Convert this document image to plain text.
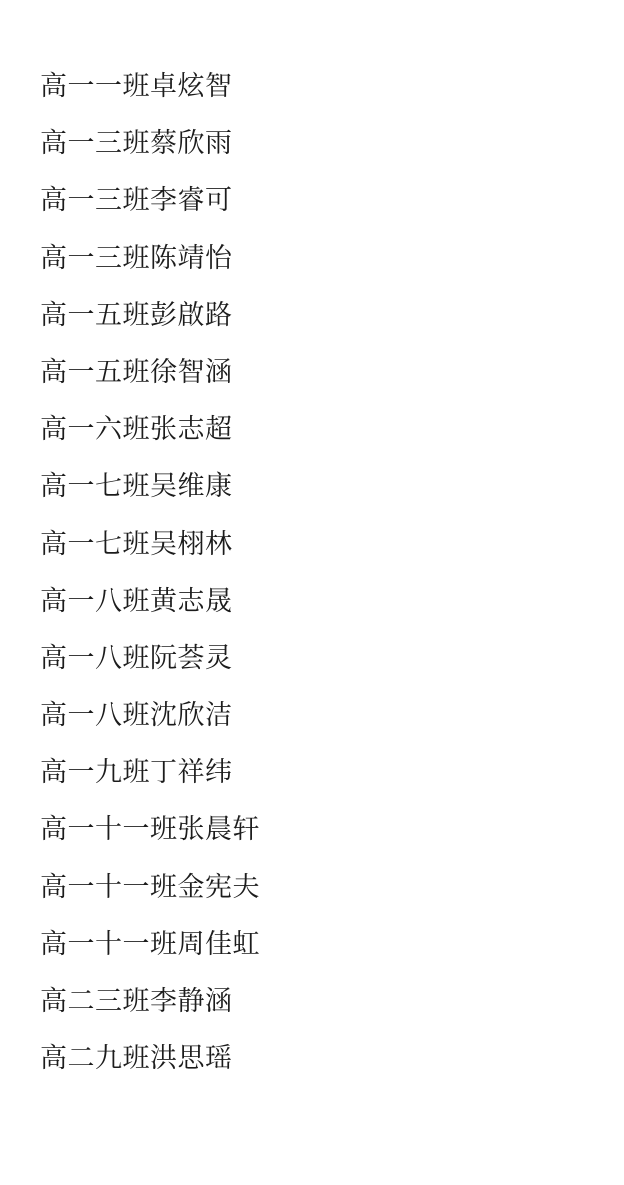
高一一班卓炫智
高一三班蔡欣雨
高一三班李睿可
高一三班陈靖怡
高一五班彭啟路
高一五班徐智涵
高一六班张志超
高一七班吴维康
高一七班吴栩林
高一八班黄志晟
高一八班阮荟灵
高一八班沈欣洁
高一九班丁祥纬
高一十一班张晨轩
高一十一班金宪夫
高一十一班周佳虹
高二三班李静涵
高二九班洪思瑶
